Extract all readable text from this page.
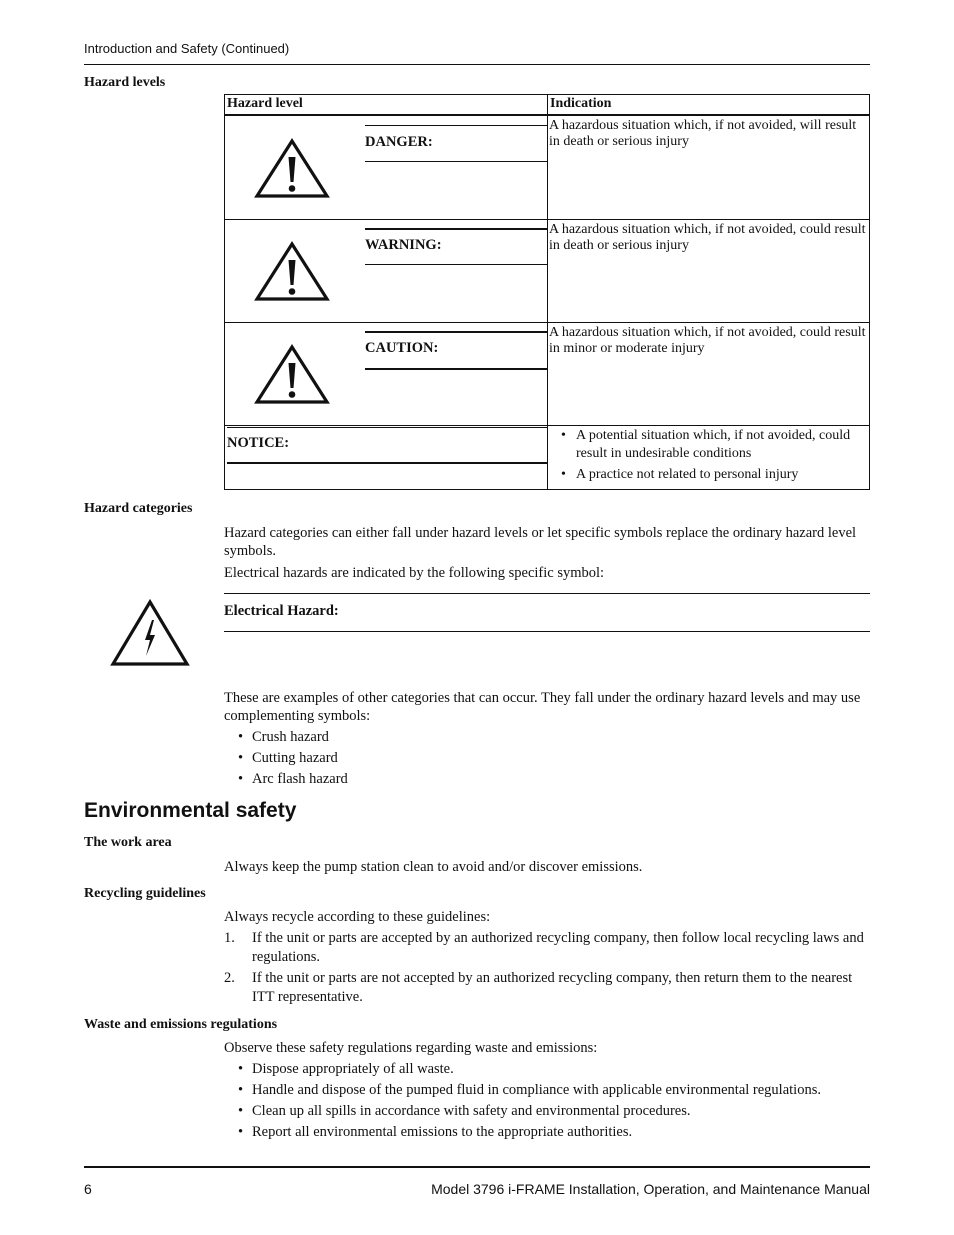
Introduction and Safety (Continued)
Hazard levels
Hazard level	Indication
DANGER:
A hazardous situation which, if not avoided, will result in death or serious injury
WARNING:
A hazardous situation which, if not avoided, could result in death or serious injury
CAUTION:
A hazardous situation which, if not avoided, could result in minor or moderate injury
NOTICE:
•	A potential situation which, if not avoided, could result in undesirable conditions
• A practice not related to personal injury
Hazard categories
Hazard categories can either fall under hazard levels or let specific symbols replace the ordinary hazard level symbols.
Electrical hazards are indicated by the following specific symbol:
Electrical Hazard:
These are examples of other categories that can occur. They fall under the ordinary hazard levels and may use complementing symbols:
• Crush hazard
• Cutting hazard
• Arc flash hazard
Environmental safety
The work area
Always keep the pump station clean to avoid and/or discover emissions.
Recycling guidelines
Always recycle according to these guidelines:
1. If the unit or parts are accepted by an authorized recycling company, then follow local recycling laws and regulations.
2. If the unit or parts are not accepted by an authorized recycling company, then return them to the nearest ITT representative.
Waste and emissions regulations
Observe these safety regulations regarding waste and emissions:
• Dispose appropriately of all waste.
• Handle and dispose of the pumped fluid in compliance with applicable environmental regulations.
• Clean up all spills in accordance with safety and environmental procedures.
• Report all environmental emissions to the appropriate authorities.
6	Model 3796 i-FRAME Installation, Operation, and Maintenance Manual
